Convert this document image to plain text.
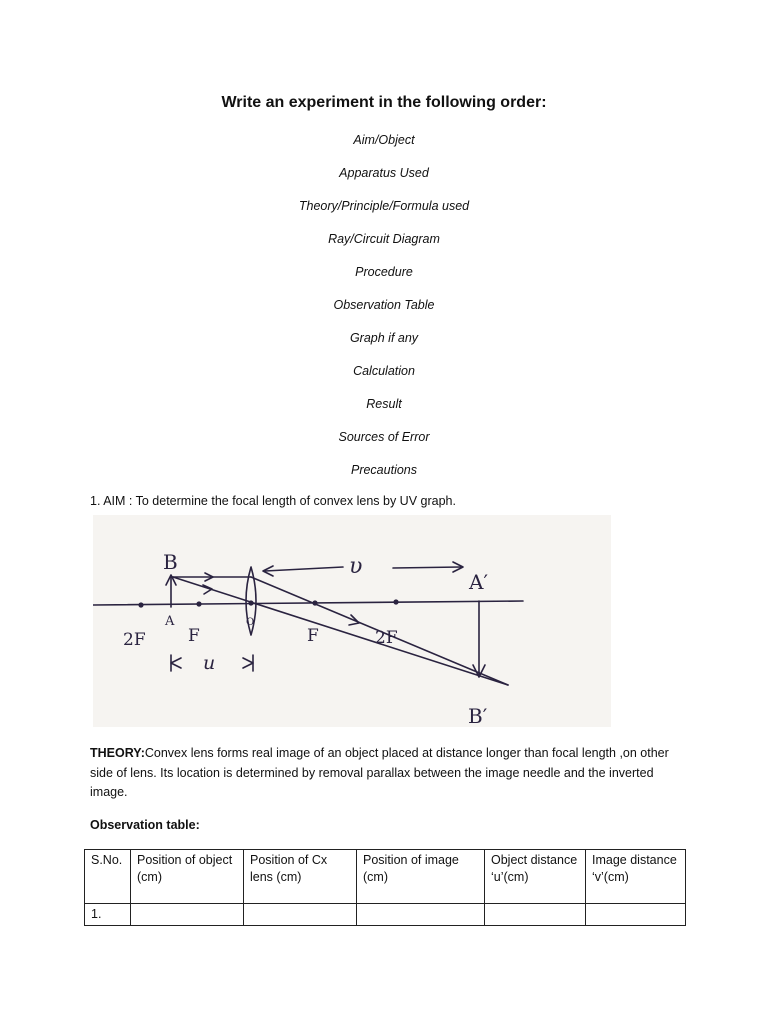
Write an experiment in the following order:
Aim/Object
Apparatus Used
Theory/Principle/Formula used
Ray/Circuit Diagram
Procedure
Observation Table
Graph if any
Calculation
Result
Sources of Error
Precautions
1. AIM : To determine the focal length of convex lens by UV graph.
B
A
υ
A′
B′
2F F	F	2F
u
O
THEORY:Convex lens forms real image of an object placed at distance longer than focal length ,on other side of lens. Its location is determined by removal parallax between the image needle and the inverted image.
Observation table:
S.No.	Position of object (cm)	Position of Cx lens (cm)	Position of image (cm)	Object distance ‘u’(cm)	Image distance ‘v’(cm)
1.					
